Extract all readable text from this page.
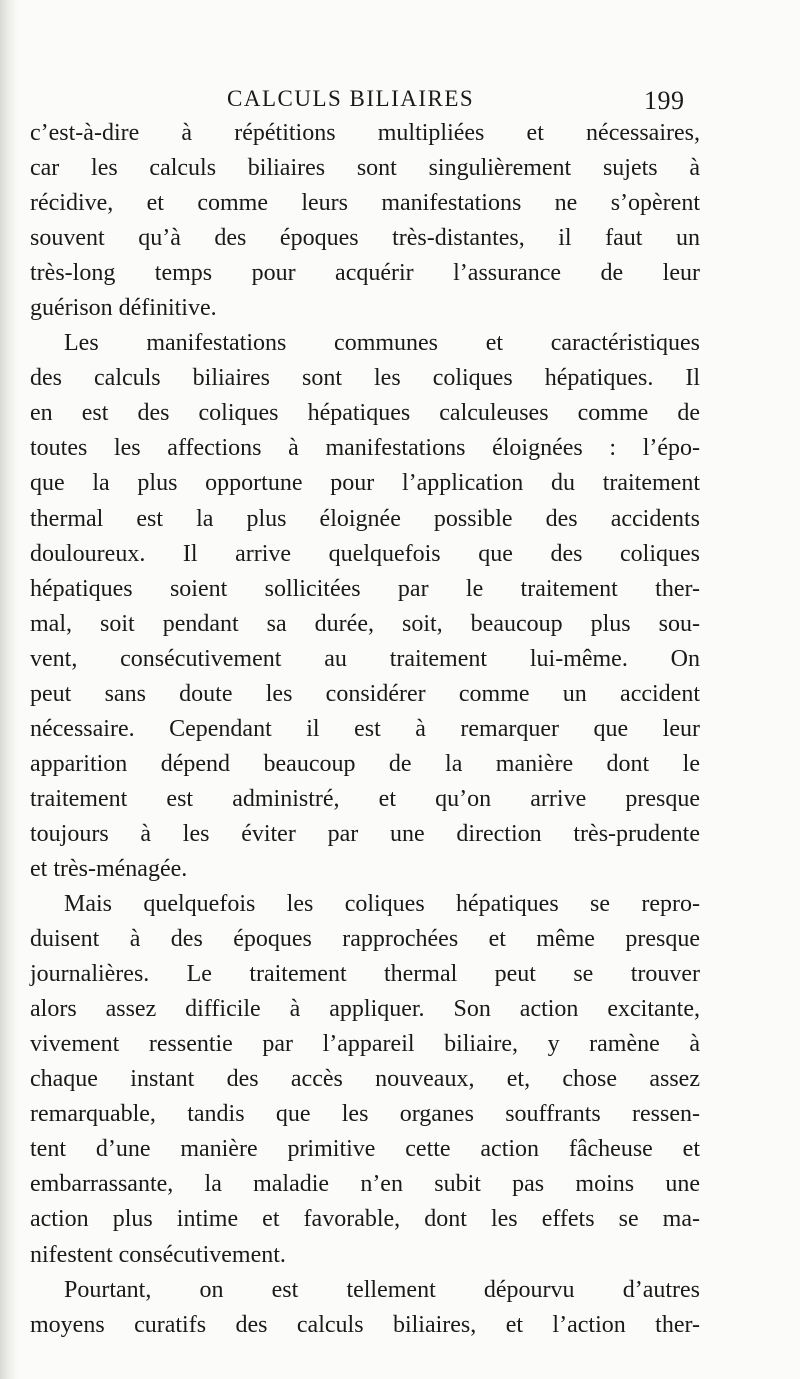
CALCULS BILIAIRES	199
c’est-à-dire à répétitions multipliées et nécessaires,
car les calculs biliaires sont singulièrement sujets à
récidive, et comme leurs manifestations ne s’opèrent
souvent qu’à des époques très-distantes, il faut un
très-long temps pour acquérir l’assurance de leur
guérison définitive.
Les manifestations communes et caractéristiques
des calculs biliaires sont les coliques hépatiques. Il
en est des coliques hépatiques calculeuses comme de
toutes les affections à manifestations éloignées : l’épo-
que la plus opportune pour l’application du traitement
thermal est la plus éloignée possible des accidents
douloureux. Il arrive quelquefois que des coliques
hépatiques soient sollicitées par le traitement ther-
mal, soit pendant sa durée, soit, beaucoup plus sou-
vent, consécutivement au traitement lui-même. On
peut sans doute les considérer comme un accident
nécessaire. Cependant il est à remarquer que leur
apparition dépend beaucoup de la manière dont le
traitement est administré, et qu’on arrive presque
toujours à les éviter par une direction très-prudente
et très-ménagée.
Mais quelquefois les coliques hépatiques se repro-
duisent à des époques rapprochées et même presque
journalières. Le traitement thermal peut se trouver
alors assez difficile à appliquer. Son action excitante,
vivement ressentie par l’appareil biliaire, y ramène à
chaque instant des accès nouveaux, et, chose assez
remarquable, tandis que les organes souffrants ressen-
tent d’une manière primitive cette action fâcheuse et
embarrassante, la maladie n’en subit pas moins une
action plus intime et favorable, dont les effets se ma-
nifestent consécutivement.
Pourtant, on est tellement dépourvu d’autres
moyens curatifs des calculs biliaires, et l’action ther-
